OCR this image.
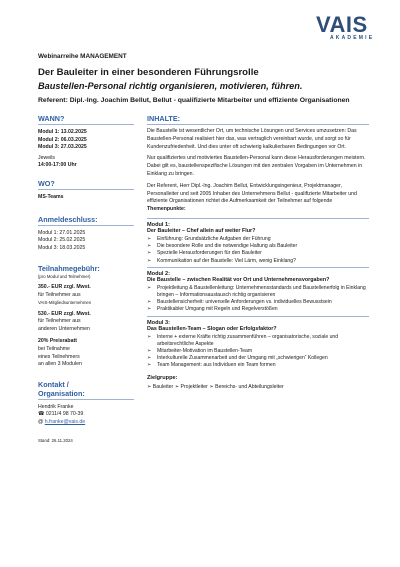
VAIS
AKADEMIE
Webinarreihe MANAGEMENT
Der Bauleiter in einer besonderen Führungsrolle
Baustellen-Personal richtig organisieren, motivieren, führen.
Referent: Dipl.-Ing. Joachim Bellut, Bellut - qualifizierte Mitarbeiter und effiziente Organisationen
WANN?
Modul 1: 13.02.2025
Modul 2: 06.03.2025
Modul 3: 27.03.2025
Jeweils
14:00-17:00 Uhr
WO?
MS-Teams
Anmeldeschluss:
Modul 1: 27.01.2025
Modul 2: 25.02.2025
Modul 3: 18.03.2025
Teilnahmegebühr:
(pro Modul und Teilnehmer)
350.- EUR zzgl. Mwst.
für Teilnehmer aus
VAIS-Mitgliedsunternehmen
530.- EUR zzgl. Mwst.
für Teilnehmer aus
anderen Unternehmen
20% Preisrabatt
bei Teilnahme
eines Teilnehmers
an allen 3 Modulen
Kontakt /
Organisation:
Hendrik Franke
☎ 0211/4 98 70-39
@ h.franke@vais.de
Stand: 26.11.2024
INHALTE:
Die Baustelle ist wesentlicher Ort, um technische Lösungen und Services umzusetzen: Das Baustellen-Personal realisiert hier das, was vertraglich vereinbart wurde, und sorgt so für Kundenzufriedenheit. Und dies unter oft schwierig kalkulierbaren Bedingungen vor Ort.
Nur qualifiziertes und motiviertes Baustellen-Personal kann diese Herausforderungen meistern. Dabei gilt es, baustellenspezifische Lösungen mit den zentralen Vorgaben im Unternehmen in Einklang zu bringen.
Der Referent, Herr Dipl.-Ing. Joachim Bellut, Entwicklungsingenieur, Projektmanager, Personalleiter und seit 2005 Inhaber des Unternehmens Bellut - qualifizierte Mitarbeiter und effiziente Organisationen richtet die Aufmerksamkeit der Teilnehmer auf folgende Themenpunkte:
Modul 1:
Der Bauleiter – Chef allein auf weiter Flur?
➢ Einführung: Grundsätzliche Aufgaben der Führung
➢ Die besondere Rolle und die notwendige Haltung als Bauleiter
➢ Spezielle Herausforderungen für den Bauleiter
➢ Kommunikation auf der Baustelle: Viel Lärm, wenig Einklang?
Modul 2:
Die Baustelle – zwischen Realität vor Ort und Unternehmensvorgaben?
➢ Projektleitung & Baustellenleitung: Unternehmensstandards und Baustellenerfolg in Einklang bringen – Informationsaustausch richtig organisieren
➢ Baustellensicherheit: universelle Anforderungen vs. individuelles Bewusstsein
➢ Praktikabler Umgang mit Regeln und Regelverstößen
Modul 3:
Das Baustellen-Team – Slogan oder Erfolgsfaktor?
➢ Interne + externe Kräfte richtig zusammenführen – organisatorische, soziale und arbeitsrechtliche Aspekte
➢ Mitarbeiter-Motivation im Baustellen-Team
➢ Interkulturelle Zusammenarbeit und der Umgang mit „schwierigen“ Kollegen
➢ Team Management: aus Individuen ein Team formen
Zielgruppe:
➢ Bauleiter ➢ Projektleiter ➢ Bereichs- und Abteilungsleiter
